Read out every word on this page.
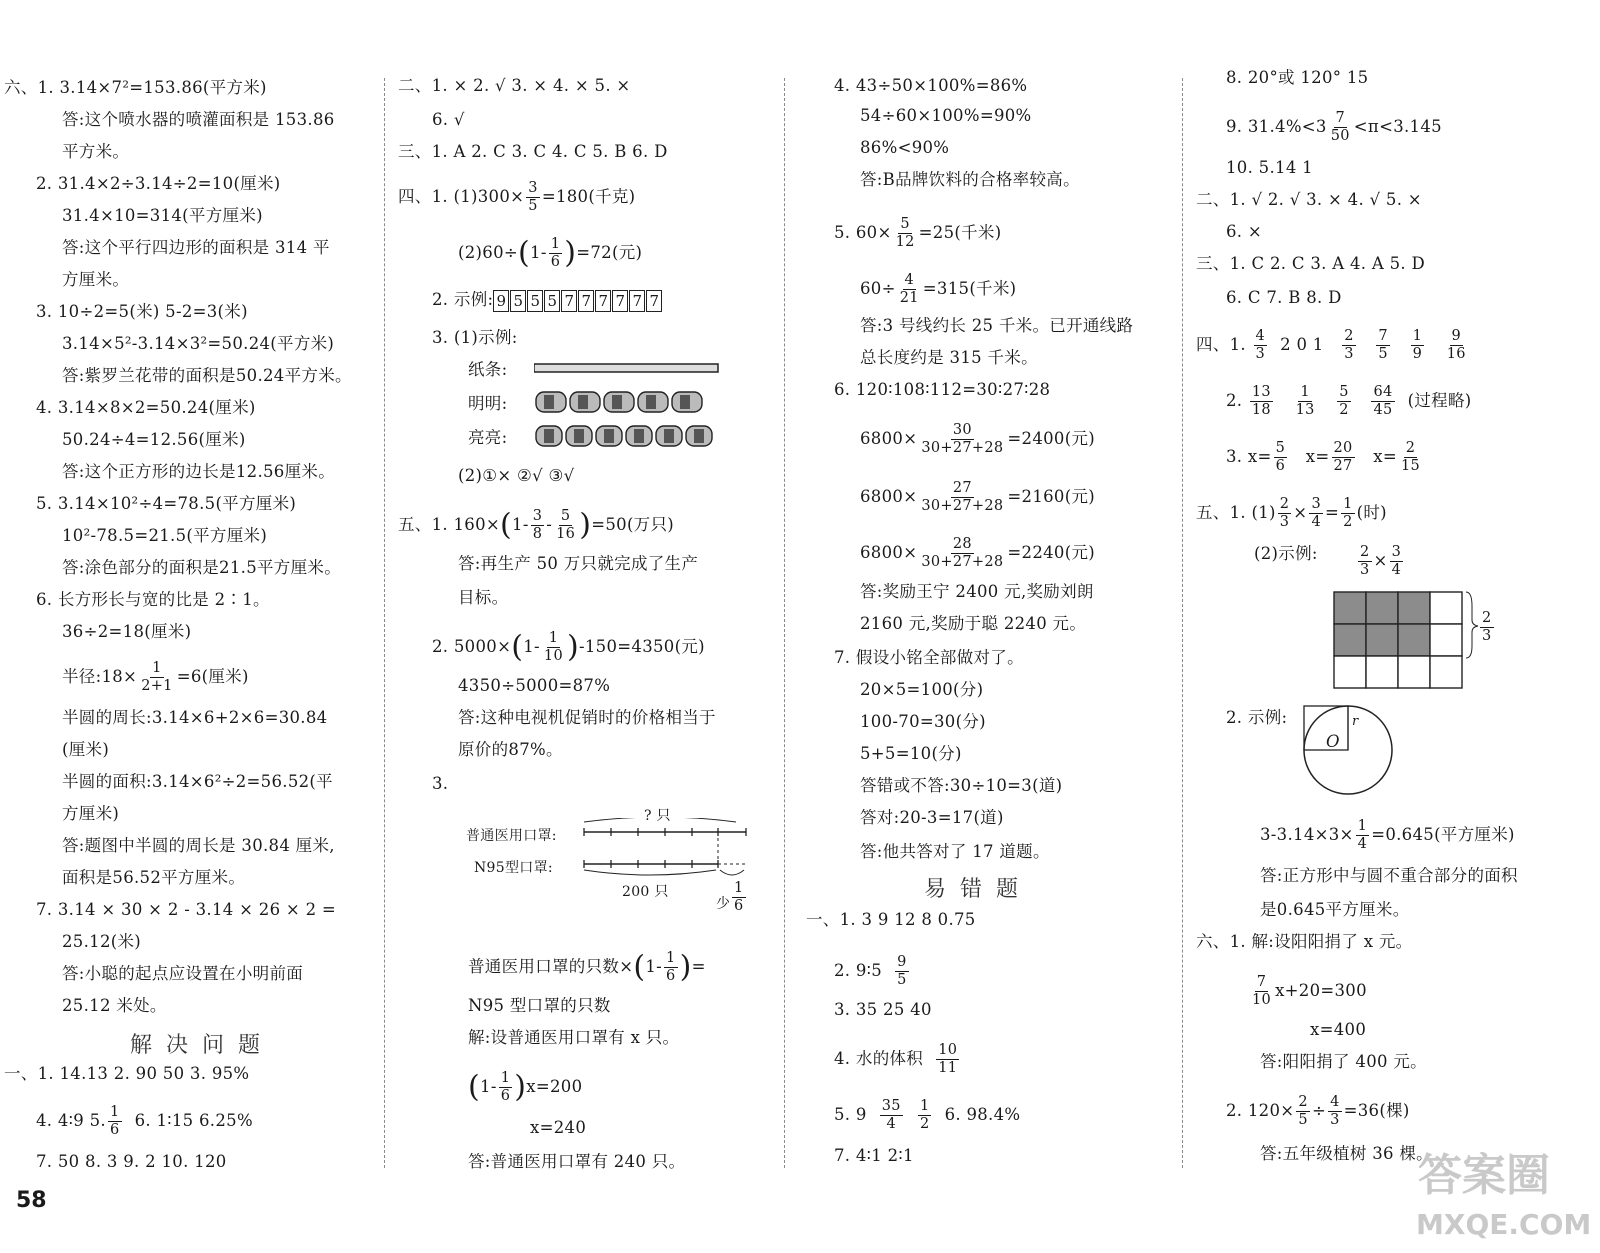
六、1. 3.14×7²=153.86(平方米)
答:这个喷水器的喷灌面积是 153.86
平方米。
2. 31.4×2÷3.14÷2=10(厘米)
31.4×10=314(平方厘米)
答:这个平行四边形的面积是 314 平
方厘米。
3. 10÷2=5(米) 5-2=3(米)
3.14×5²-3.14×3²=50.24(平方米)
答:紫罗兰花带的面积是50.24平方米。
4. 3.14×8×2=50.24(厘米)
50.24÷4=12.56(厘米)
答:这个正方形的边长是12.56厘米。
5. 3.14×10²÷4=78.5(平方厘米)
10²-78.5=21.5(平方厘米)
答:涂色部分的面积是21.5平方厘米。
6. 长方形长与宽的比是 2∶1。
36÷2=18(厘米)
半径:18× $\frac{1}{2+1} =6$(厘米)
半圆的周长:3.14×6+2×6=30.84
(厘米)
半圆的面积:3.14×6²÷2=56.52(平
方厘米)
答:题图中半圆的周长是 30.84 厘米,
面积是56.52平方厘米。
7. 3.14 × 30 × 2 - 3.14 × 26 × 2 =
25.12(米)
答:小聪的起点应设置在小明前面
25.12 米处。
解决问题
一、1. 14.13 2. 90 50 3. 95%
4. 4∶9 5. $\frac{1}{6} 6$. 1∶15 6.25%
7. 50 8. 3 9. 2 10. 120
二、1. × 2. √ 3. × 4. × 5. ×
6. √
三、1. A 2. C 3. C 4. C 5. B 6. D
四、1. $(1)300\times \frac{3}{5} =180$(千克)
$(2)60\div(1- \frac{1}{6} )=72$(元)
2. 示例: 9 5 5 5 7 7 7 7 7 7
3. (1)示例:
纸条:
明明:
亮亮:
(2)①× ②√ ③√
五、1. $160\times(1- \frac{3}{8} - \frac{5}{16} )=50$(万只)
答:再生产 50 万只就完成了生产
目标。
2. $5000\times(1- \frac{1}{10} )-150=4350$(元)
4350÷5000=87%
答:这种电视机促销时的价格相当于
原价的87%。
3.
? 只
普通医用口罩:
N95型口罩:
200 只
少 $\frac{1}{6}$
普通医用口罩的只数$\times(1- \frac{1}{6}$ )=
N95 型口罩的只数
解:设普通医用口罩有 x 只。
$(1- \frac{1}{6} )x=200$
x=240
答:普通医用口罩有 240 只。
4. 43÷50×100%=86%
54÷60×100%=90%
86%<90%
答:B品牌饮料的合格率较高。
5. $60\times \frac{5}{12} =25$(千米)
$60\div \frac{4}{21} =315$(千米)
答:3 号线约长 25 千米。已开通线路
总长度约是 315 千米。
6. 120∶108∶112=30∶27∶28
$6800\times \frac{30}{30+27+28} =2400$(元)
$6800\times \frac{27}{30+27+28} =2160$(元)
$6800\times \frac{28}{30+27+28} =2240$(元)
答:奖励王宁 2400 元,奖励刘朗
2160 元,奖励于聪 2240 元。
7. 假设小铭全部做对了。
20×5=100(分)
100-70=30(分)
5+5=10(分)
答错或不答:30÷10=3(道)
答对:20-3=17(道)
答:他共答对了 17 道题。
易错题
一、1. 3 9 12 8 0.75
2. 9∶5 $\frac{9}{5}$
3. 35 25 40
4. 水的体积 $\frac{10}{11}$
5. $9 \frac{35}{4}$
$\frac{1}{2} 6$. 98.4%
7. 4∶1 2∶1
8. 20°或 120° 15
9. $31.4\%<3 \frac{7}{50} <\pi<3.145$
10. 5.14 1
二、1. √ 2. √ 3. × 4. √ 5. ×
6. ×
三、1. C 2. C 3. A 4. A 5. D
6. C 7. B 8. D
四、1. $\frac{4}{3} 2$ 0 $1 \frac{2}{3}$
$\frac{7}{5}$
$\frac{1}{9}$
$\frac{9}{16}$
2. $\frac{13}{18}$
$\frac{1}{13}$
$\frac{5}{2}$
$\frac{64}{45}$ (过程略)
3. $x= \frac{5}{6} x= \frac{20}{27} x= \frac{2}{15}$
五、1. $(1) \frac{2}{3} \times \frac{3}{4} = \frac{1}{2}$ (时)
(2)示例:	$\frac{2}{3} \times \frac{3}{4}$
$\frac{2}{3}$
2. 示例:
O
r
$3-3.14\times 3\times \frac{1}{4} =0.645$(平方厘米)
答:正方形中与圆不重合部分的面积
是0.645平方厘米。
六、1. 解:设阳阳捐了 x 元。
$\frac{7}{10} x+20=300$
x=400
答:阳阳捐了 400 元。
2. $120\times \frac{2}{5} \div \frac{4}{3} =36$(棵)
答:五年级植树 36 棵。
58	答案圈
MXQE.COM
